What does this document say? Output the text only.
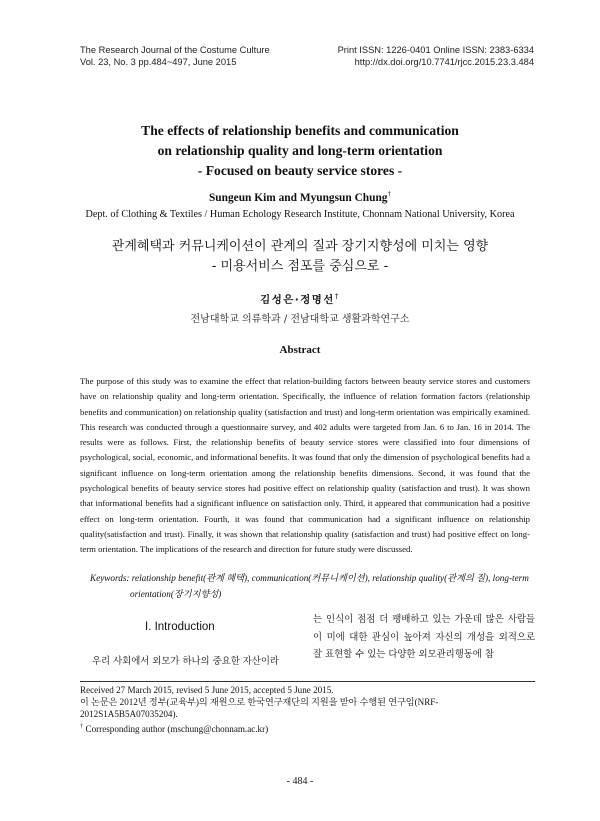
The Research Journal of the Costume Culture
Vol. 23, No. 3 pp.484~497, June 2015
Print ISSN: 1226-0401 Online ISSN: 2383-6334
http://dx.doi.org/10.7741/rjcc.2015.23.3.484
The effects of relationship benefits and communication
on relationship quality and long-term orientation
- Focused on beauty service stores -
Sungeun Kim and Myungsun Chung†
Dept. of Clothing & Textiles / Human Echology Research Institute, Chonnam National University, Korea
관계혜택과 커뮤니케이션이 관계의 질과 장기지향성에 미치는 영향
- 미용서비스 점포를 중심으로 -
김성은·정명선†
전남대학교 의류학과 / 전남대학교 생활과학연구소
Abstract

The purpose of this study was to examine the effect that relation-building factors between beauty service stores and customers have on relationship quality and long-term orientation. Specifically, the influence of relation formation factors (relationship benefits and communication) on relationship quality (satisfaction and trust) and long-term orientation was empirically examined. This research was conducted through a questionnaire survey, and 402 adults were targeted from Jan. 6 to Jan. 16 in 2014. The results were as follows. First, the relationship benefits of beauty service stores were classified into four dimensions of psychological, social, economic, and informational benefits. It was found that only the dimension of psychological benefits had a significant influence on long-term orientation among the relationship benefits dimensions. Second, it was found that the psychological benefits of beauty service stores had positive effect on relationship quality (satisfaction and trust). It was shown that informational benefits had a significant influence on satisfaction only. Third, it appeared that communication had a positive effect on long-term orientation. Fourth, it was found that communication had a significant influence on relationship quality(satisfaction and trust). Finally, it was shown that relationship quality (satisfaction and trust) had positive effect on long-term orientation. The implications of the research and direction for future study were discussed.

Keywords: relationship benefit(관계 혜택), communication(커뮤니케이션), relationship quality(관계의 질), long-term orientation(장기지향성)

I. Introduction

우리 사회에서 외모가 하나의 중요한 자산이라

는 인식이 점점 더 팽배하고 있는 가운데 많은 사람들이 미에 대한 관심이 높아져 자신의 개성을 외적으로 잘 표현할 수 있는 다양한 외모관리행동에 참

Received 27 March 2015, revised 5 June 2015, accepted 5 June 2015.
이 논문은 2012년 정부(교육부)의 재원으로 한국연구재단의 지원을 받아 수행된 연구임(NRF-2012S1A5B5A07035204).
† Corresponding author (mschung@chonnam.ac.kr)
- 484 -
